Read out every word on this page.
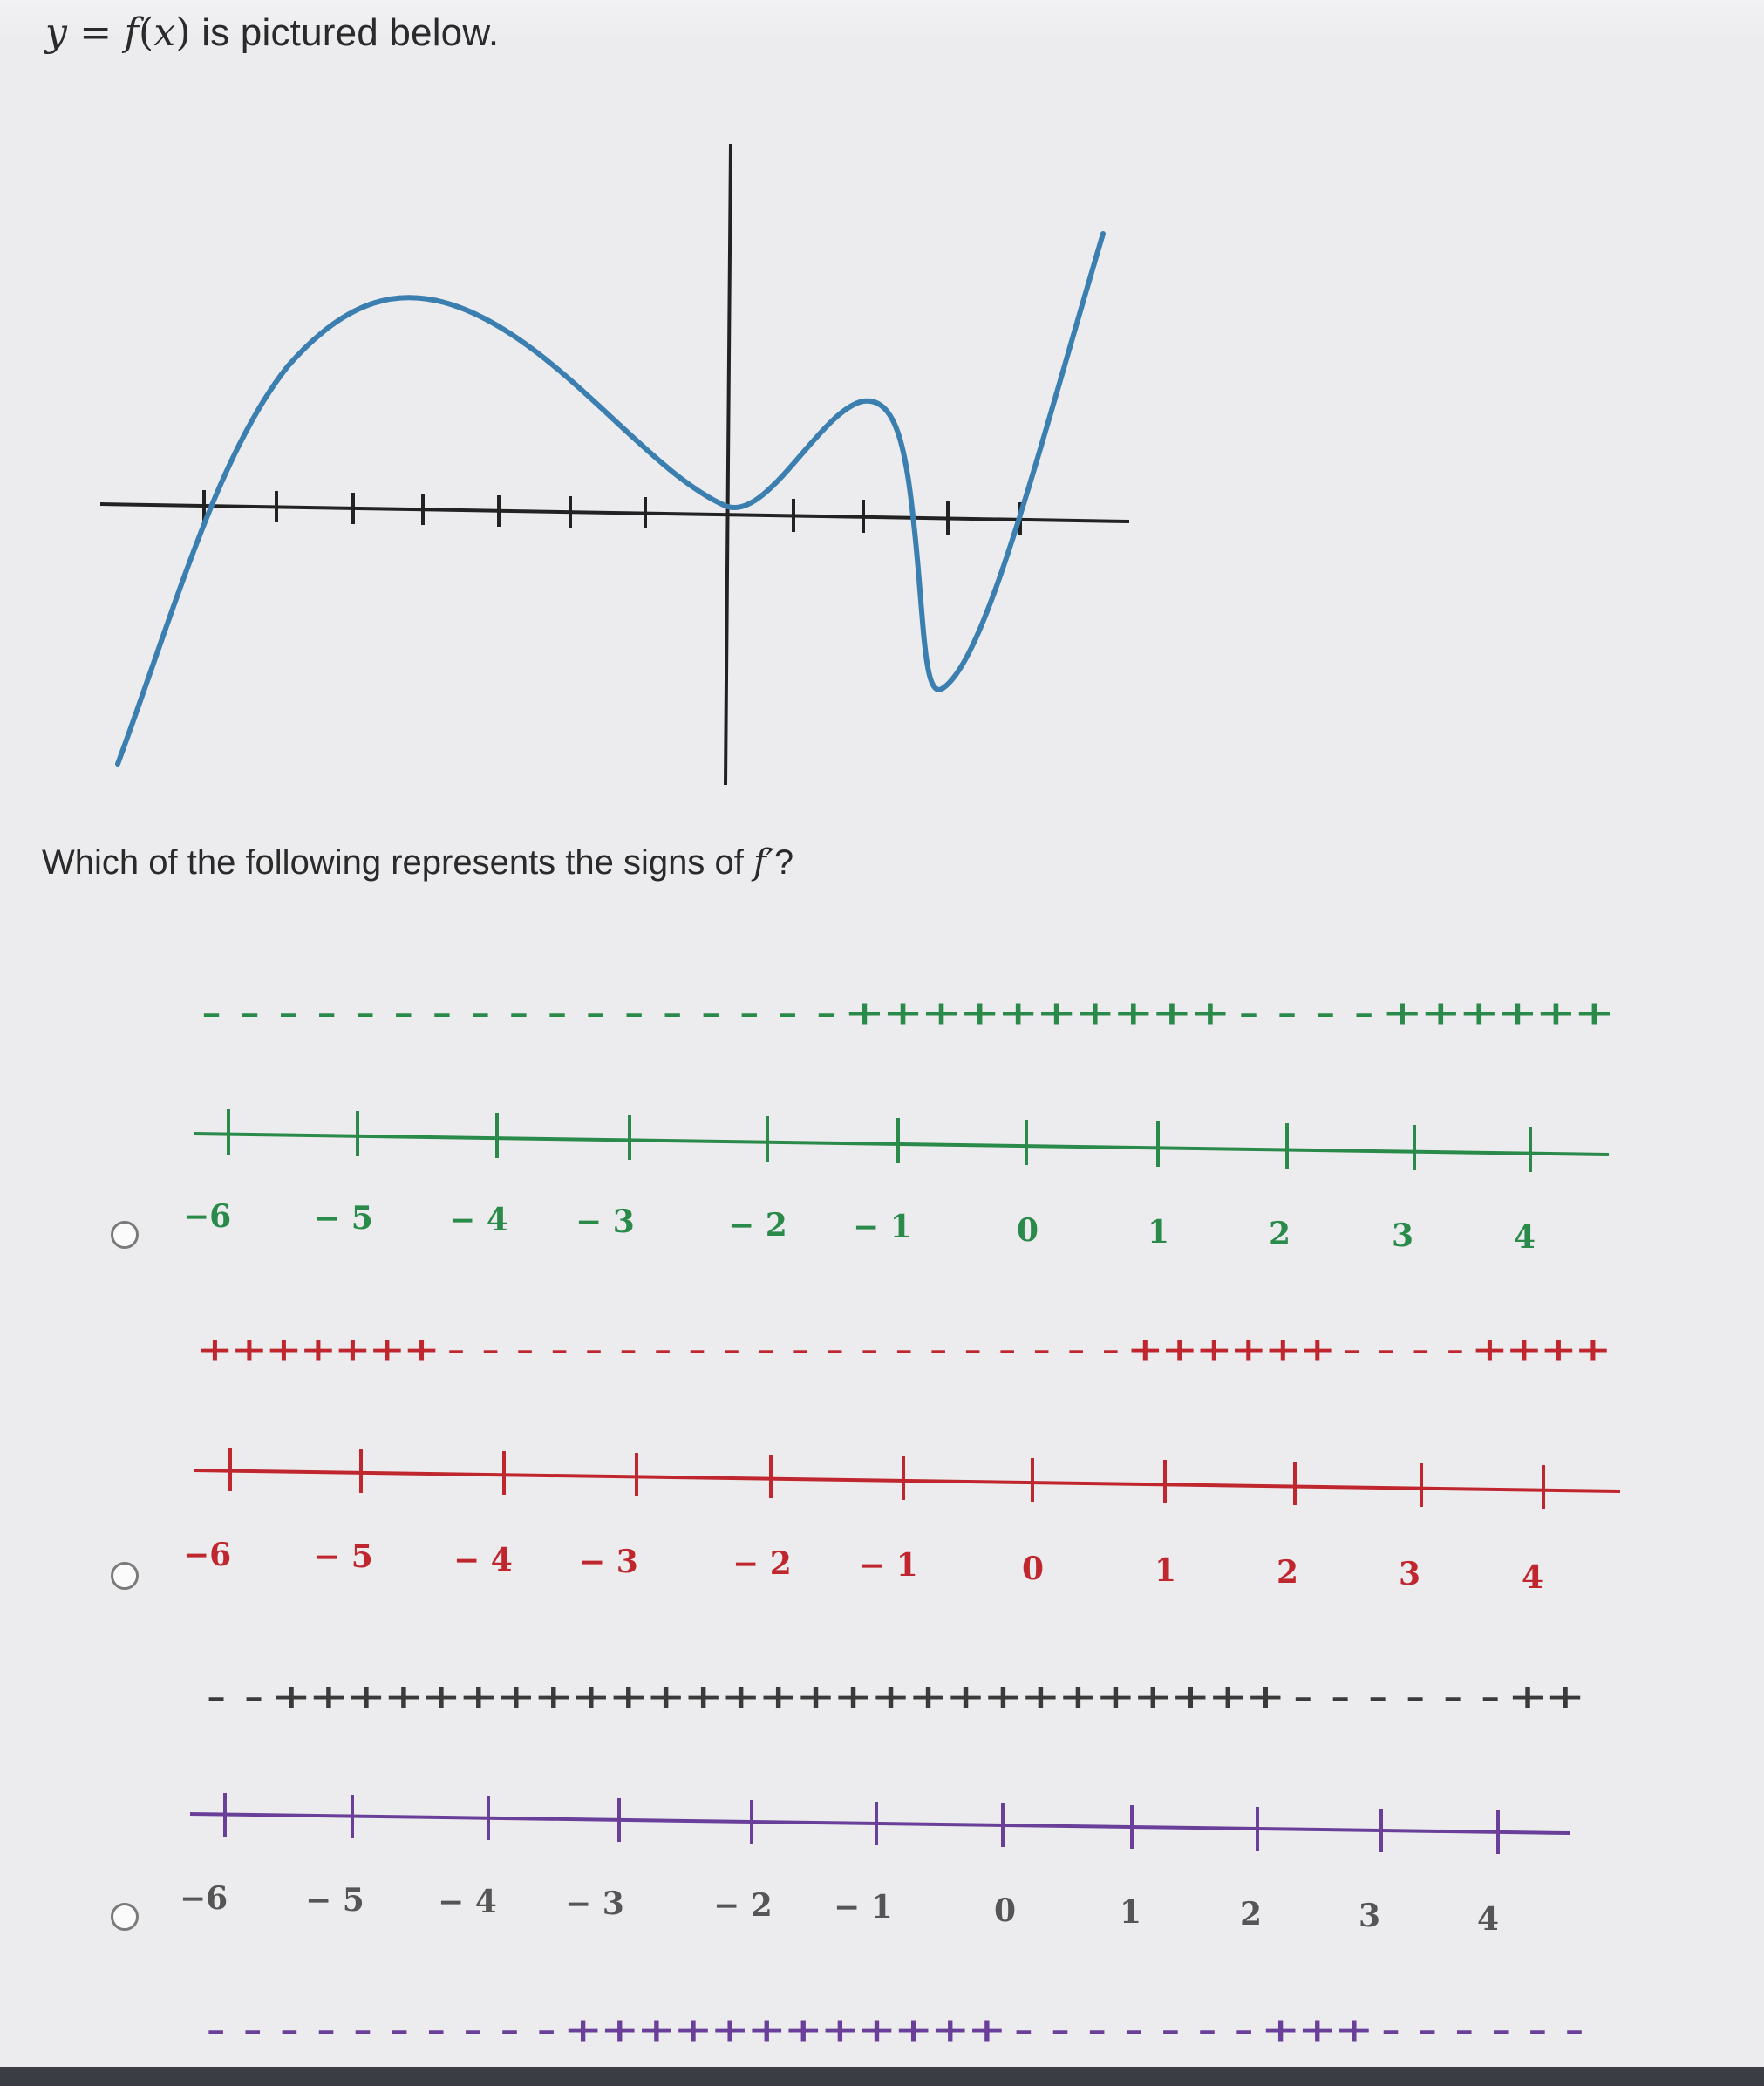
y = f(x) is pictured below.
Which of the following represents the signs of f′?
-----------------++++++++++----++++++
−6	− 5 − 4 − 3	− 2 − 1	0	1	2	3	4
+++++++--------------------++++++----++++
−6	− 5	− 4 − 3	− 2 − 1	0	1	2	3	4
--+++++++++++++++++++++++++++------++
−6 − 5 − 4 − 3	− 2 − 1	0	1	2	3	4
----------++++++++++++-------+++------
